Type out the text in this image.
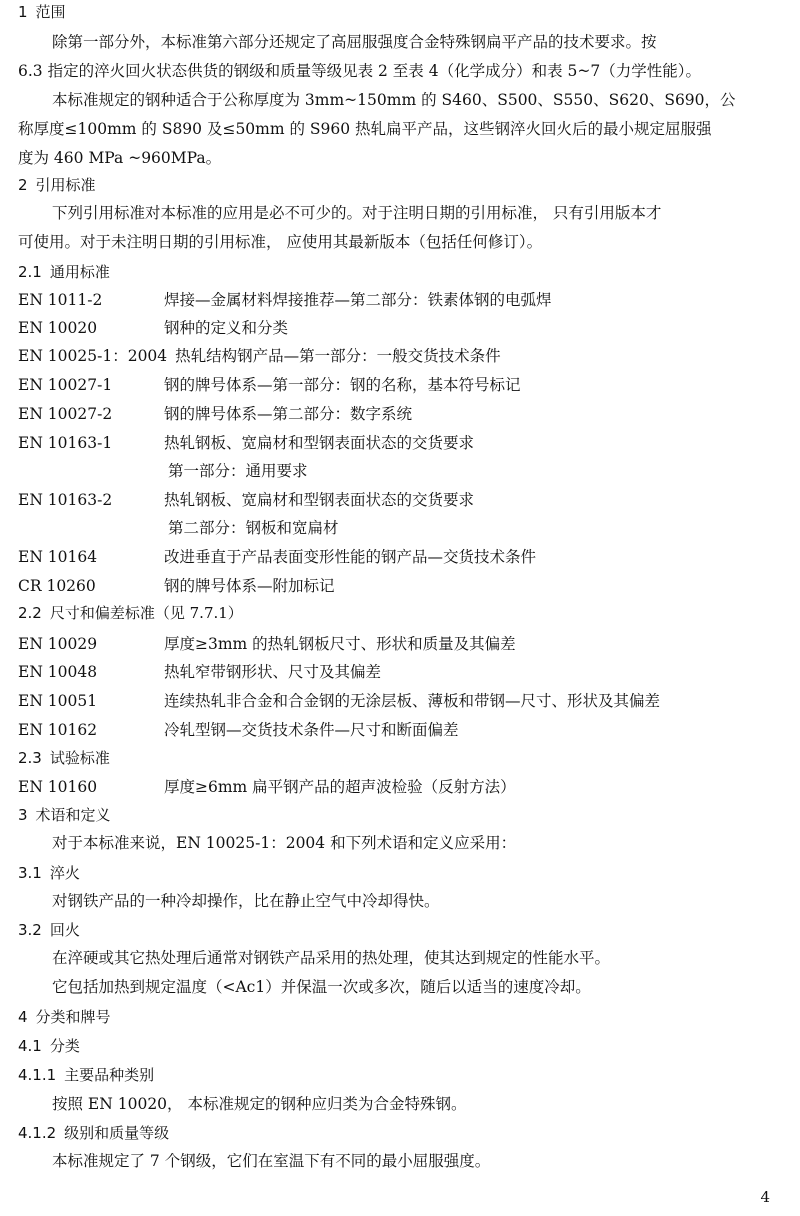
1 范围
除第一部分外，本标准第六部分还规定了高屈服强度合金特殊钢扁平产品的技术要求。按
6.3 指定的淬火回火状态供货的钢级和质量等级见表 2 至表 4（化学成分）和表 5~7（力学性能）。
本标准规定的钢种适合于公称厚度为 3mm~150mm 的 S460、S500、S550、S620、S690，公
称厚度≤100mm 的 S890 及≤50mm 的 S960 热轧扁平产品，这些钢淬火回火后的最小规定屈服强
度为 460 MPa ~960MPa。
2 引用标准
下列引用标准对本标准的应用是必不可少的。对于注明日期的引用标准， 只有引用版本才
可使用。对于未注明日期的引用标准， 应使用其最新版本（包括任何修订）。
2.1 通用标准
EN 1011-2	焊接—金属材料焊接推荐—第二部分：铁素体钢的电弧焊
EN 10020	钢种的定义和分类
EN 10025-1：2004 热轧结构钢产品—第一部分：一般交货技术条件
EN 10027-1	钢的牌号体系—第一部分：钢的名称，基本符号标记
EN 10027-2	钢的牌号体系—第二部分：数字系统
EN 10163-1	热轧钢板、宽扁材和型钢表面状态的交货要求
第一部分：通用要求
EN 10163-2	热轧钢板、宽扁材和型钢表面状态的交货要求
第二部分：钢板和宽扁材
EN 10164	改进垂直于产品表面变形性能的钢产品—交货技术条件
CR 10260	钢的牌号体系—附加标记
2.2 尺寸和偏差标准（见 7.7.1）
EN 10029	厚度≥3mm 的热轧钢板尺寸、形状和质量及其偏差
EN 10048	热轧窄带钢形状、尺寸及其偏差
EN 10051	连续热轧非合金和合金钢的无涂层板、薄板和带钢—尺寸、形状及其偏差
EN 10162	冷轧型钢—交货技术条件—尺寸和断面偏差
2.3 试验标准
EN 10160	厚度≥6mm 扁平钢产品的超声波检验（反射方法）
3 术语和定义
对于本标准来说，EN 10025-1：2004 和下列术语和定义应采用：
3.1 淬火
对钢铁产品的一种冷却操作，比在静止空气中冷却得快。
3.2 回火
在淬硬或其它热处理后通常对钢铁产品采用的热处理，使其达到规定的性能水平。
它包括加热到规定温度（<Ac1）并保温一次或多次，随后以适当的速度冷却。
4 分类和牌号
4.1 分类
4.1.1 主要品种类别
按照 EN 10020， 本标准规定的钢种应归类为合金特殊钢。
4.1.2 级别和质量等级
本标准规定了 7 个钢级，它们在室温下有不同的最小屈服强度。
4
